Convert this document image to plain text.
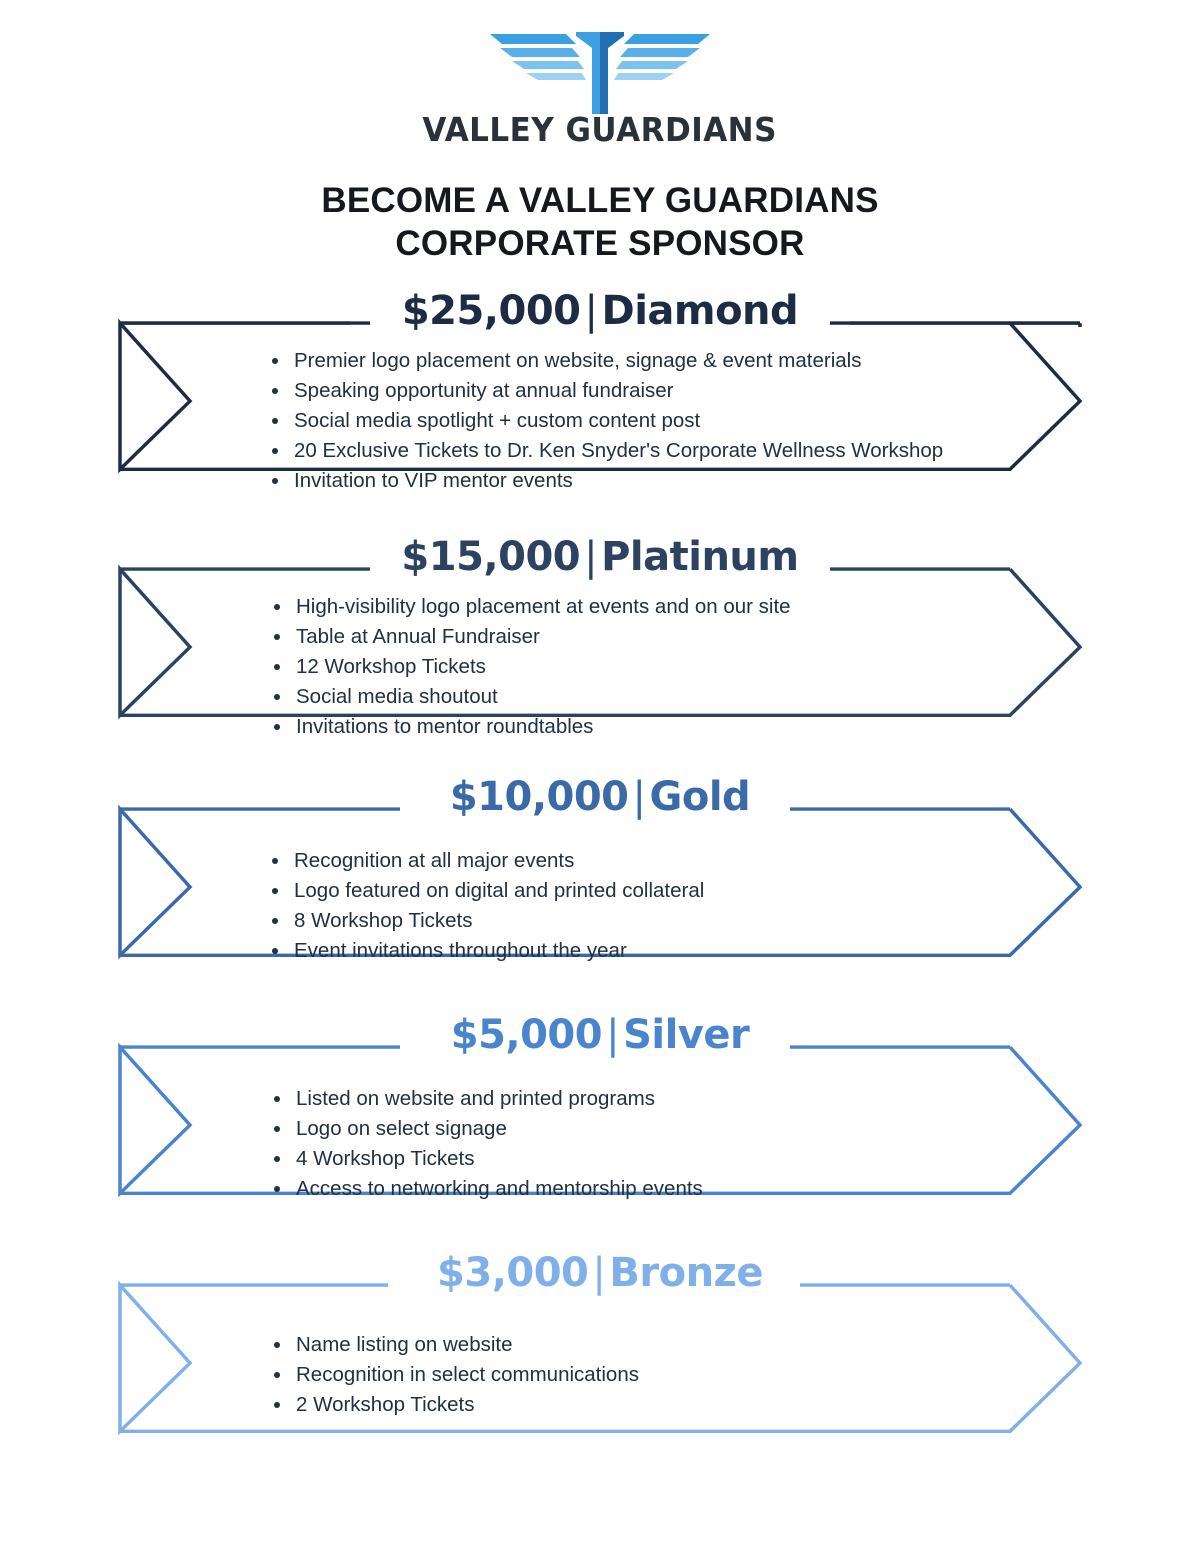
VALLEY GUARDIANS
BECOME A VALLEY GUARDIANS
CORPORATE SPONSOR
$25,000 | Diamond
Premier logo placement on website, signage & event materials
Speaking opportunity at annual fundraiser
Social media spotlight + custom content post
20 Exclusive Tickets to Dr. Ken Snyder's Corporate Wellness Workshop
Invitation to VIP mentor events
$15,000 | Platinum
High-visibility logo placement at events and on our site
Table at Annual Fundraiser
12 Workshop Tickets
Social media shoutout
Invitations to mentor roundtables
$10,000 | Gold
Recognition at all major events
Logo featured on digital and printed collateral
8 Workshop Tickets
Event invitations throughout the year
$5,000 | Silver
Listed on website and printed programs
Logo on select signage
4 Workshop Tickets
Access to networking and mentorship events
$3,000 | Bronze
Name listing on website
Recognition in select communications
2 Workshop Tickets
